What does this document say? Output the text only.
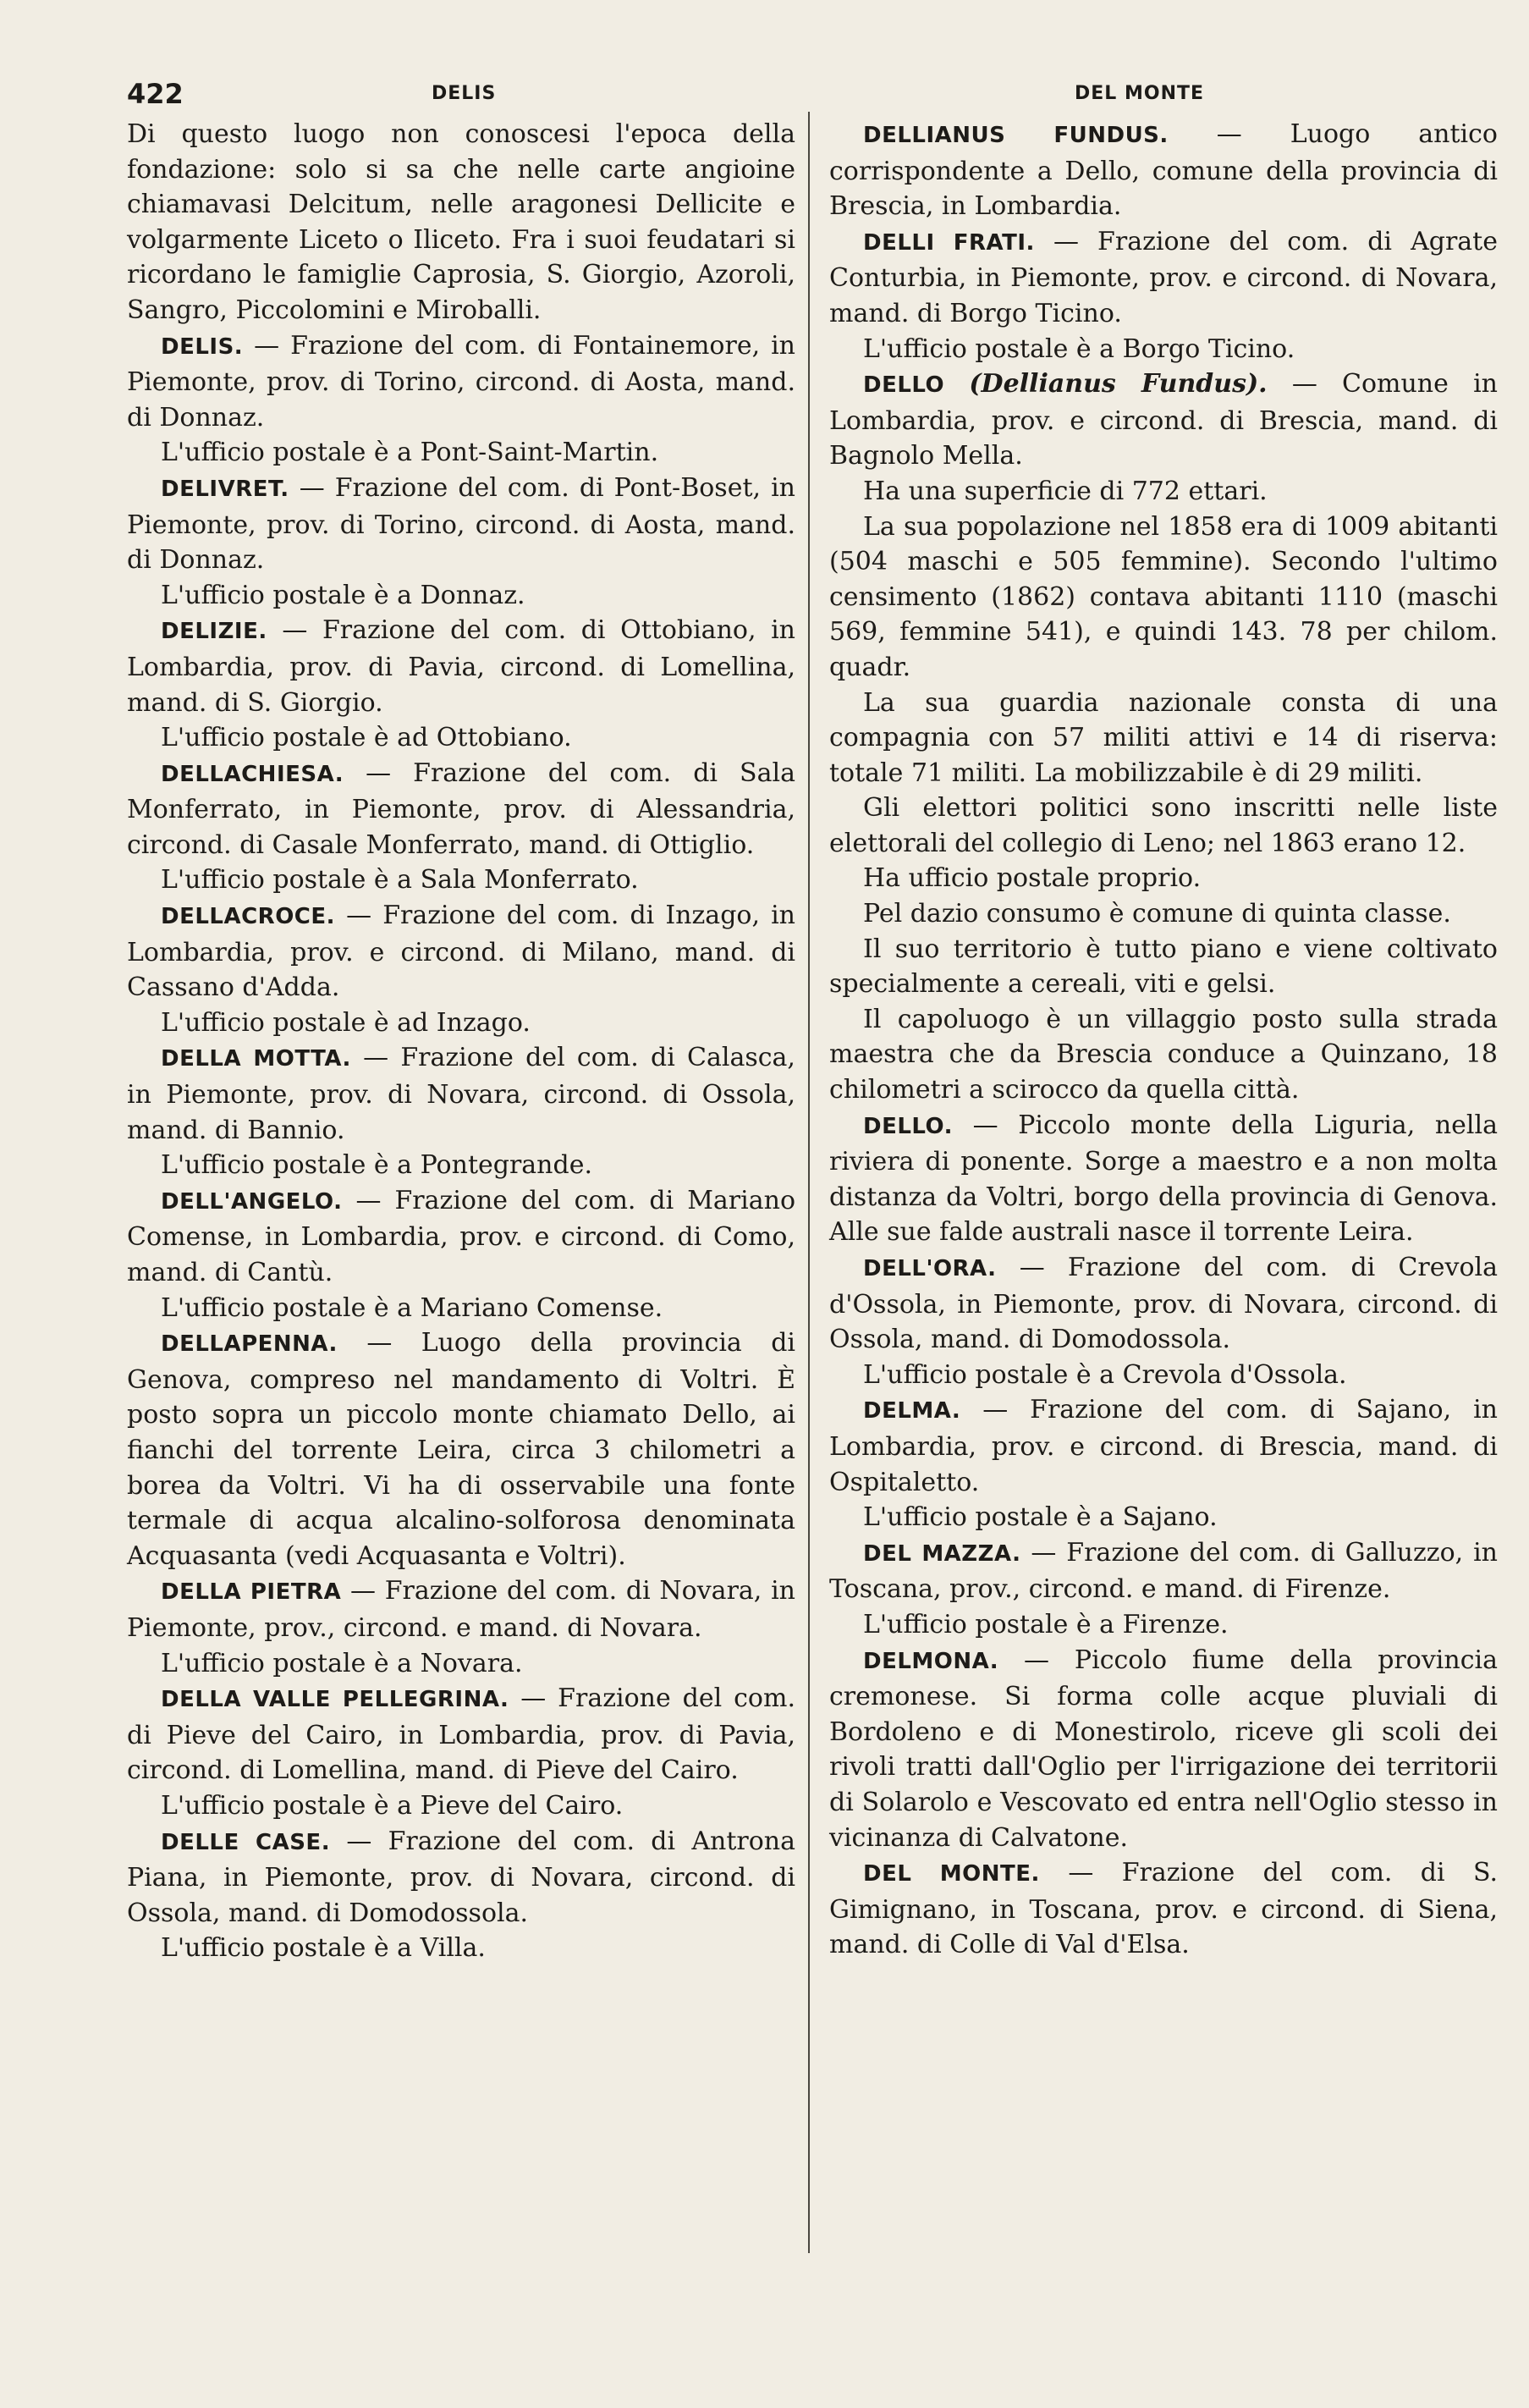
422	DELIS	DEL MONTE

Di questo luogo non conoscesi l'epoca della fondazione: solo si sa che nelle carte angioine chiamavasi Delcitum, nelle aragonesi Dellicite e volgarmente Liceto o Iliceto. Fra i suoi feudatari si ricordano le famiglie Caprosia, S. Giorgio, Azoroli, Sangro, Piccolomini e Miroballi.

DELIS. — Frazione del com. di Fontainemore, in Piemonte, prov. di Torino, circond. di Aosta, mand. di Donnaz.

L'ufficio postale è a Pont-Saint-Martin.

DELIVRET. — Frazione del com. di Pont-Boset, in Piemonte, prov. di Torino, circond. di Aosta, mand. di Donnaz.

L'ufficio postale è a Donnaz.

DELIZIE. — Frazione del com. di Ottobiano, in Lombardia, prov. di Pavia, circond. di Lomellina, mand. di S. Giorgio.

L'ufficio postale è ad Ottobiano.

DELLACHIESA. — Frazione del com. di Sala Monferrato, in Piemonte, prov. di Alessandria, circond. di Casale Monferrato, mand. di Ottiglio.

L'ufficio postale è a Sala Monferrato.

DELLACROCE. — Frazione del com. di Inzago, in Lombardia, prov. e circond. di Milano, mand. di Cassano d'Adda.

L'ufficio postale è ad Inzago.

DELLA MOTTA. — Frazione del com. di Calasca, in Piemonte, prov. di Novara, circond. di Ossola, mand. di Bannio.

L'ufficio postale è a Pontegrande.

DELL'ANGELO. — Frazione del com. di Mariano Comense, in Lombardia, prov. e circond. di Como, mand. di Cantù.

L'ufficio postale è a Mariano Comense.

DELLAPENNA. — Luogo della provincia di Genova, compreso nel mandamento di Voltri. È posto sopra un piccolo monte chiamato Dello, ai fianchi del torrente Leira, circa 3 chilometri a borea da Voltri. Vi ha di osservabile una fonte termale di acqua alcalino-solforosa denominata Acquasanta (vedi Acquasanta e Voltri).

DELLA PIETRA — Frazione del com. di Novara, in Piemonte, prov., circond. e mand. di Novara.

L'ufficio postale è a Novara.

DELLA VALLE PELLEGRINA. — Frazione del com. di Pieve del Cairo, in Lombardia, prov. di Pavia, circond. di Lomellina, mand. di Pieve del Cairo.

L'ufficio postale è a Pieve del Cairo.

DELLE CASE. — Frazione del com. di Antrona Piana, in Piemonte, prov. di Novara, circond. di Ossola, mand. di Domodossola.

L'ufficio postale è a Villa.

DELLIANUS FUNDUS. — Luogo antico corrispondente a Dello, comune della provincia di Brescia, in Lombardia.

DELLI FRATI. — Frazione del com. di Agrate Conturbia, in Piemonte, prov. e circond. di Novara, mand. di Borgo Ticino.

L'ufficio postale è a Borgo Ticino.

DELLO (Dellianus Fundus). — Comune in Lombardia, prov. e circond. di Brescia, mand. di Bagnolo Mella.

Ha una superficie di 772 ettari.

La sua popolazione nel 1858 era di 1009 abitanti (504 maschi e 505 femmine). Secondo l'ultimo censimento (1862) contava abitanti 1110 (maschi 569, femmine 541), e quindi 143. 78 per chilom. quadr.

La sua guardia nazionale consta di una compagnia con 57 militi attivi e 14 di riserva: totale 71 militi. La mobilizzabile è di 29 militi.

Gli elettori politici sono inscritti nelle liste elettorali del collegio di Leno; nel 1863 erano 12.

Ha ufficio postale proprio.

Pel dazio consumo è comune di quinta classe.

Il suo territorio è tutto piano e viene coltivato specialmente a cereali, viti e gelsi.

Il capoluogo è un villaggio posto sulla strada maestra che da Brescia conduce a Quinzano, 18 chilometri a scirocco da quella città.

DELLO. — Piccolo monte della Liguria, nella riviera di ponente. Sorge a maestro e a non molta distanza da Voltri, borgo della provincia di Genova. Alle sue falde australi nasce il torrente Leira.

DELL'ORA. — Frazione del com. di Crevola d'Ossola, in Piemonte, prov. di Novara, circond. di Ossola, mand. di Domodossola.

L'ufficio postale è a Crevola d'Ossola.

DELMA. — Frazione del com. di Sajano, in Lombardia, prov. e circond. di Brescia, mand. di Ospitaletto.

L'ufficio postale è a Sajano.

DEL MAZZA. — Frazione del com. di Galluzzo, in Toscana, prov., circond. e mand. di Firenze.

L'ufficio postale è a Firenze.

DELMONA. — Piccolo fiume della provincia cremonese. Si forma colle acque pluviali di Bordoleno e di Monestirolo, riceve gli scoli dei rivoli tratti dall'Oglio per l'irrigazione dei territorii di Solarolo e Vescovato ed entra nell'Oglio stesso in vicinanza di Calvatone.

DEL MONTE. — Frazione del com. di S. Gimignano, in Toscana, prov. e circond. di Siena, mand. di Colle di Val d'Elsa.
